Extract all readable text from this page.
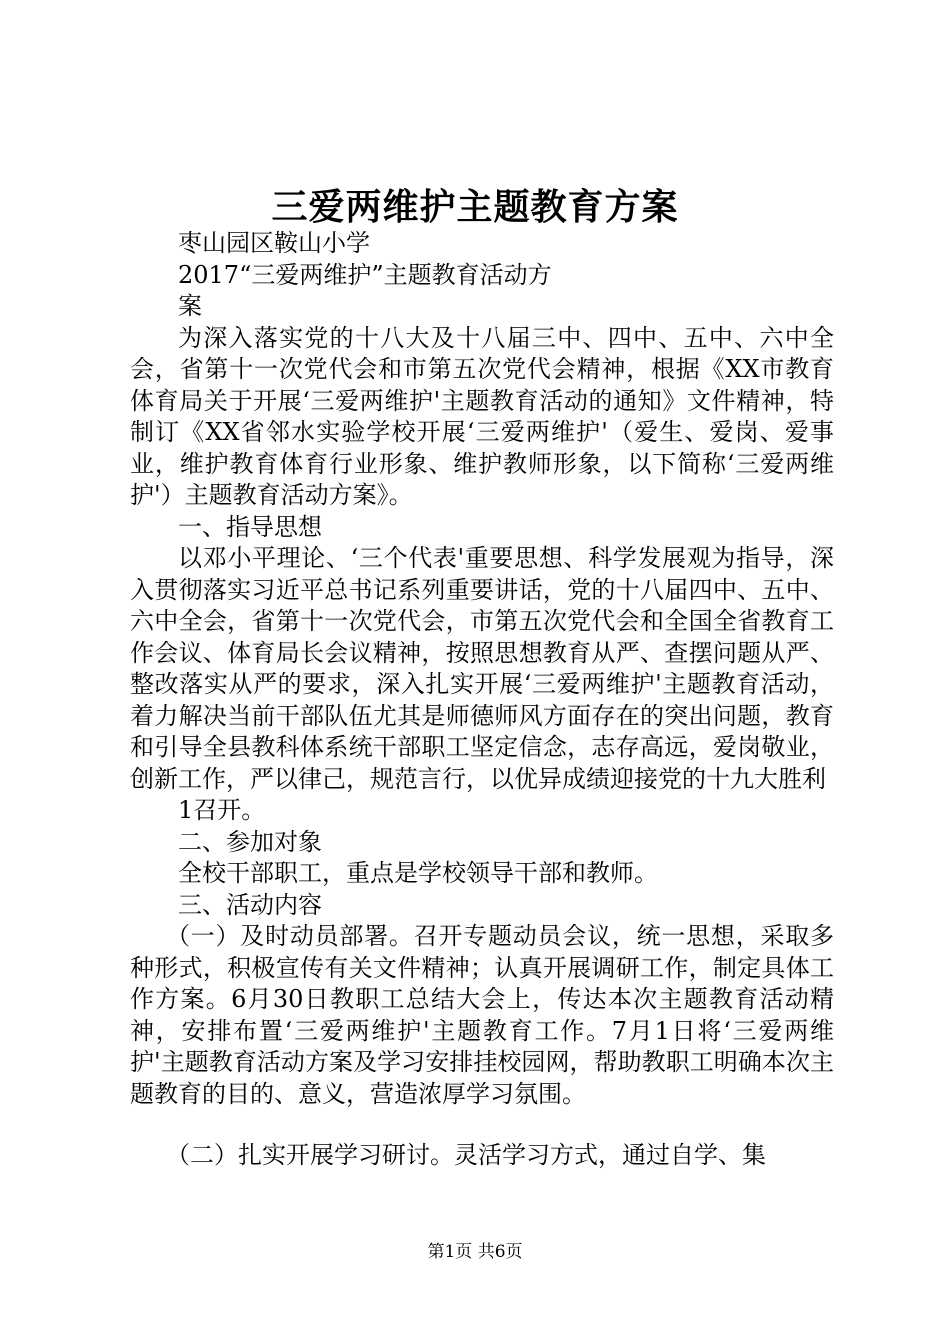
三爱两维护主题教育方案

枣山园区鞍山小学

2017“三爱两维护”主题教育活动方

案

为深入落实党的十八大及十八届三中、四中、五中、六中全会，省第十一次党代会和市第五次党代会精神，根据《XX市教育体育局关于开展‘三爱两维护'主题教育活动的通知》文件精神，特制订《XX省邻水实验学校开展‘三爱两维护'（爱生、爱岗、爱事业，维护教育体育行业形象、维护教师形象，以下简称‘三爱两维护'）主题教育活动方案》。

一、指导思想

以邓小平理论、‘三个代表'重要思想、科学发展观为指导，深入贯彻落实习近平总书记系列重要讲话，党的十八届四中、五中、六中全会，省第十一次党代会，市第五次党代会和全国全省教育工作会议、体育局长会议精神，按照思想教育从严、查摆问题从严、整改落实从严的要求，深入扎实开展‘三爱两维护'主题教育活动，着力解决当前干部队伍尤其是师德师风方面存在的突出问题，教育和引导全县教科体系统干部职工坚定信念，志存高远，爱岗敬业，创新工作，严以律己，规范言行，以优异成绩迎接党的十九大胜利

1召开。

二、参加对象

全校干部职工，重点是学校领导干部和教师。

三、活动内容

（一）及时动员部署。召开专题动员会议，统一思想，采取多种形式，积极宣传有关文件精神；认真开展调研工作，制定具体工作方案。6月30日教职工总结大会上，传达本次主题教育活动精神，安排布置‘三爱两维护'主题教育工作。7月1日将‘三爱两维护'主题教育活动方案及学习安排挂校园网，帮助教职工明确本次主题教育的目的、意义，营造浓厚学习氛围。

（二）扎实开展学习研讨。灵活学习方式，通过自学、集

第1页 共6页
